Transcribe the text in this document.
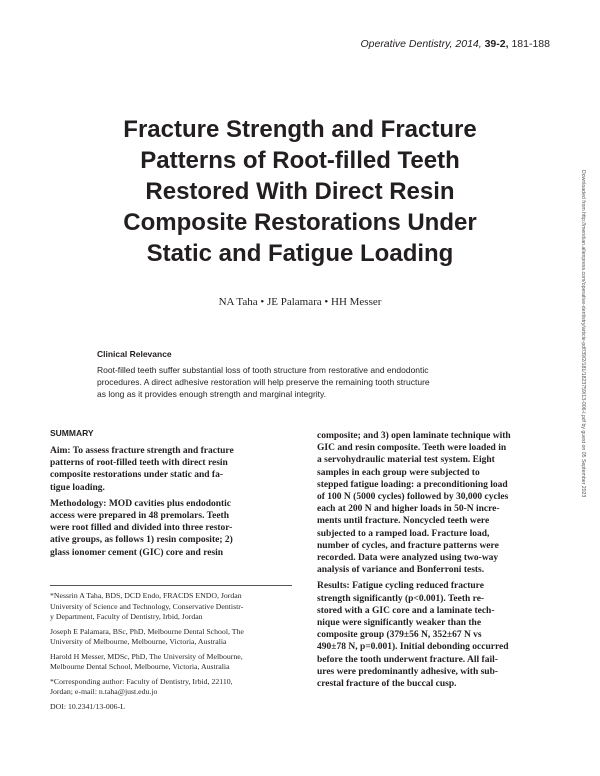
Operative Dentistry, 2014, 39-2, 181-188
Fracture Strength and Fracture
Patterns of Root-filled Teeth
Restored With Direct Resin
Composite Restorations Under
Static and Fatigue Loading
NA Taha • JE Palamara • HH Messer
Clinical Relevance
Root-filled teeth suffer substantial loss of tooth structure from restorative and endodontic
procedures. A direct adhesive restoration will help preserve the remaining tooth structure
as long as it provides enough strength and marginal integrity.
SUMMARY
Aim: To assess fracture strength and fracture
patterns of root-filled teeth with direct resin
composite restorations under static and fa-
tigue loading.
Methodology: MOD cavities plus endodontic
access were prepared in 48 premolars. Teeth
were root filled and divided into three restor-
ative groups, as follows 1) resin composite; 2)
glass ionomer cement (GIC) core and resin
*Nessrin A Taha, BDS, DCD Endo, FRACDS ENDO, Jordan
University of Science and Technology, Conservative Dentistr-
y Department, Faculty of Dentistry, Irbid, Jordan
Joseph E Palamara, BSc, PhD, Melbourne Dental School, The
University of Melbourne, Melbourne, Victoria, Australia
Harold H Messer, MDSc, PhD, The University of Melbourne,
Melbourne Dental School, Melbourne, Victoria, Australia
*Corresponding author: Faculty of Dentistry, Irbid, 22110,
Jordan; e-mail: n.taha@just.edu.jo
DOI: 10.2341/13-006-L
composite; and 3) open laminate technique with
GIC and resin composite. Teeth were loaded in
a servohydraulic material test system. Eight
samples in each group were subjected to
stepped fatigue loading: a preconditioning load
of 100 N (5000 cycles) followed by 30,000 cycles
each at 200 N and higher loads in 50-N incre-
ments until fracture. Noncycled teeth were
subjected to a ramped load. Fracture load,
number of cycles, and fracture patterns were
recorded. Data were analyzed using two-way
analysis of variance and Bonferroni tests.
Results: Fatigue cycling reduced fracture
strength significantly (p<0.001). Teeth re-
stored with a GIC core and a laminate tech-
nique were significantly weaker than the
composite group (379±56 N, 352±67 N vs
490±78 N, p=0.001). Initial debonding occurred
before the tooth underwent fracture. All fail-
ures were predominantly adhesive, with sub-
crestal fracture of the buccal cusp.
Downloaded from http://meridian.allenpress.com/operative-dentistry/article-pdf/39/2/181/1823759/13-006-l.pdf by guest on 05 September 2023
